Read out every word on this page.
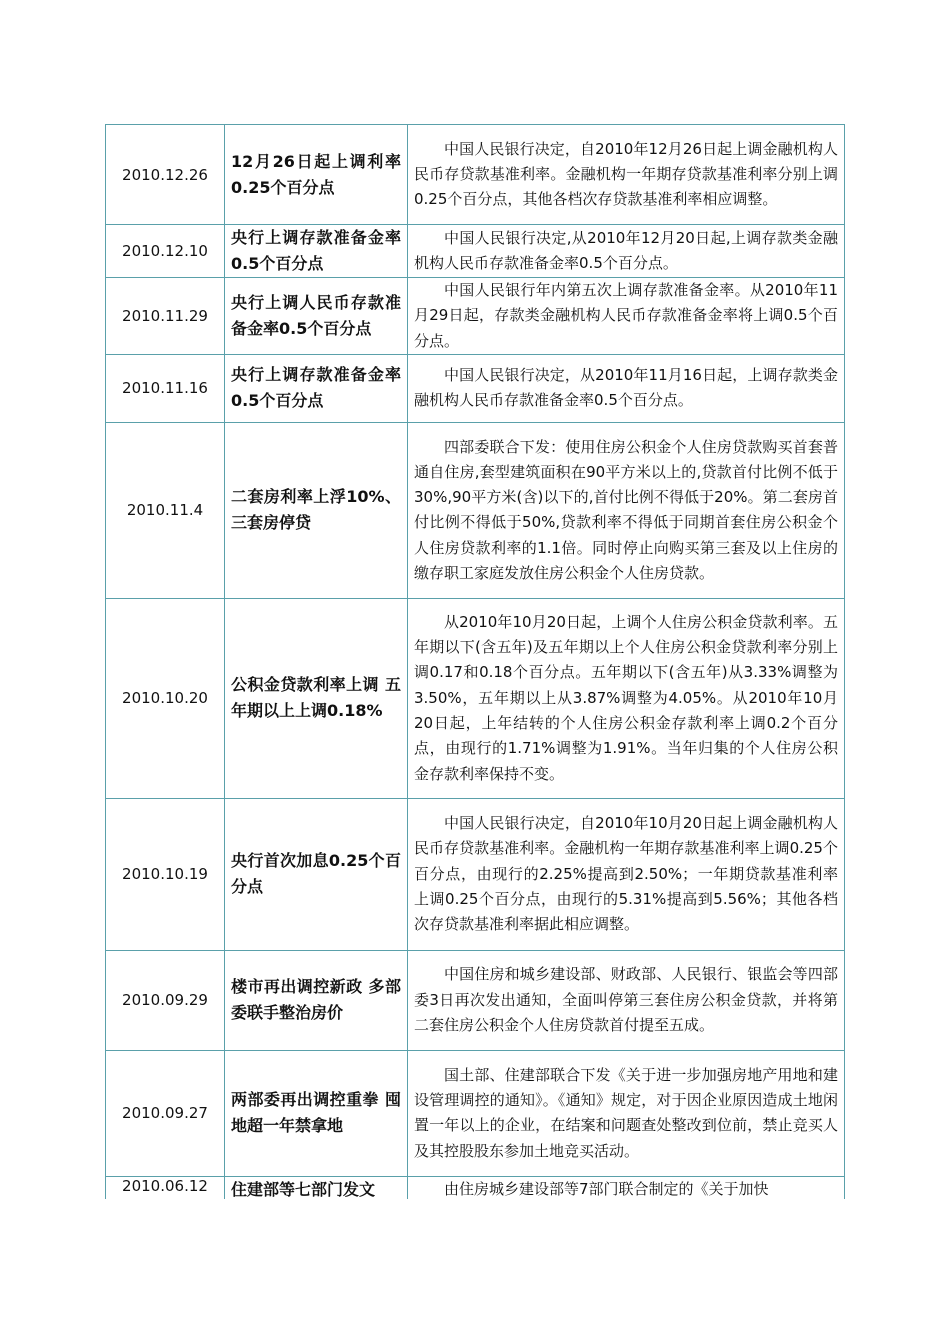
2010.12.26	12月26日起上调利率0.25个百分点	中国人民银行决定，自2010年12月26日起上调金融机构人民币存贷款基准利率。金融机构一年期存贷款基准利率分别上调0.25个百分点，其他各档次存贷款基准利率相应调整。

2010.12.10	央行上调存款准备金率0.5个百分点	中国人民银行决定,从2010年12月20日起,上调存款类金融机构人民币存款准备金率0.5个百分点。

2010.11.29	央行上调人民币存款准备金率0.5个百分点	中国人民银行年内第五次上调存款准备金率。从2010年11月29日起，存款类金融机构人民币存款准备金率将上调0.5个百分点。

2010.11.16	央行上调存款准备金率0.5个百分点	中国人民银行决定，从2010年11月16日起，上调存款类金融机构人民币存款准备金率0.5个百分点。

2010.11.4	二套房利率上浮10%、三套房停贷	四部委联合下发：使用住房公积金个人住房贷款购买首套普通自住房,套型建筑面积在90平方米以上的,贷款首付比例不低于30%,90平方米(含)以下的,首付比例不得低于20%。第二套房首付比例不得低于50%,贷款利率不得低于同期首套住房公积金个人住房贷款利率的1.1倍。同时停止向购买第三套及以上住房的缴存职工家庭发放住房公积金个人住房贷款。

2010.10.20	公积金贷款利率上调 五年期以上上调0.18%	从2010年10月20日起，上调个人住房公积金贷款利率。五年期以下(含五年)及五年期以上个人住房公积金贷款利率分别上调0.17和0.18个百分点。五年期以下(含五年)从3.33%调整为3.50%，五年期以上从3.87%调整为4.05%。从2010年10月20日起，上年结转的个人住房公积金存款利率上调0.2个百分点，由现行的1.71%调整为1.91%。当年归集的个人住房公积金存款利率保持不变。

2010.10.19	央行首次加息0.25个百分点	中国人民银行决定，自2010年10月20日起上调金融机构人民币存贷款基准利率。金融机构一年期存款基准利率上调0.25个百分点，由现行的2.25%提高到2.50%；一年期贷款基准利率上调0.25个百分点，由现行的5.31%提高到5.56%；其他各档次存贷款基准利率据此相应调整。

2010.09.29	楼市再出调控新政 多部委联手整治房价	中国住房和城乡建设部、财政部、人民银行、银监会等四部委3日再次发出通知，全面叫停第三套住房公积金贷款，并将第二套住房公积金个人住房贷款首付提至五成。

2010.09.27	两部委再出调控重拳 囤地超一年禁拿地	国土部、住建部联合下发《关于进一步加强房地产用地和建设管理调控的通知》。《通知》规定，对于因企业原因造成土地闲置一年以上的企业，在结案和问题查处整改到位前，禁止竞买人及其控股股东参加土地竞买活动。

2010.06.12	住建部等七部门发文	由住房城乡建设部等7部门联合制定的《关于加快
